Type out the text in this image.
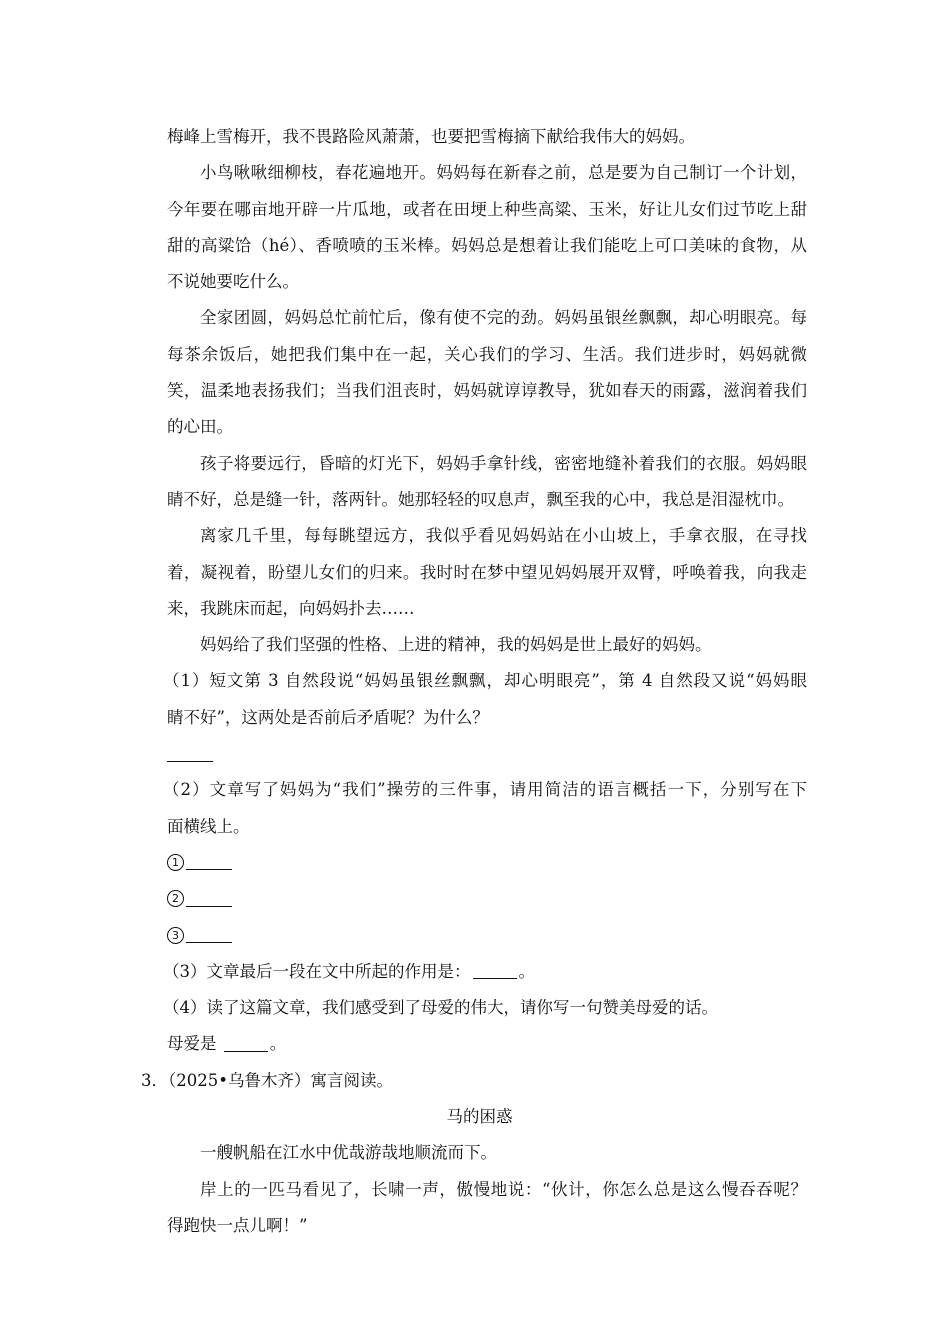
梅峰上雪梅开，我不畏路险风萧萧，也要把雪梅摘下献给我伟大的妈妈。
小鸟啾啾细柳枝，春花遍地开。妈妈每在新春之前，总是要为自己制订一个计划，
今年要在哪亩地开辟一片瓜地，或者在田埂上种些高粱、玉米，好让儿女们过节吃上甜
甜的高粱饸（hé）、香喷喷的玉米棒。妈妈总是想着让我们能吃上可口美味的食物，从
不说她要吃什么。
全家团圆，妈妈总忙前忙后，像有使不完的劲。妈妈虽银丝飘飘，却心明眼亮。每
每茶余饭后，她把我们集中在一起，关心我们的学习、生活。我们进步时，妈妈就微
笑，温柔地表扬我们；当我们沮丧时，妈妈就谆谆教导，犹如春天的雨露，滋润着我们
的心田。
孩子将要远行，昏暗的灯光下，妈妈手拿针线，密密地缝补着我们的衣服。妈妈眼
睛不好，总是缝一针，落两针。她那轻轻的叹息声，飘至我的心中，我总是泪湿枕巾。
离家几千里，每每眺望远方，我似乎看见妈妈站在小山坡上，手拿衣服，在寻找
着，凝视着，盼望儿女们的归来。我时时在梦中望见妈妈展开双臂，呼唤着我，向我走
来，我跳床而起，向妈妈扑去……
妈妈给了我们坚强的性格、上进的精神，我的妈妈是世上最好的妈妈。
（1）短文第 3 自然段说“妈妈虽银丝飘飘，却心明眼亮”，第 4 自然段又说“妈妈眼
睛不好”，这两处是否前后矛盾呢？为什么？
（2）文章写了妈妈为“我们”操劳的三件事，请用简洁的语言概括一下，分别写在下
面横线上。
1
2
3
（3）文章最后一段在文中所起的作用是：	。
（4）读了这篇文章，我们感受到了母爱的伟大，请你写一句赞美母爱的话。
母爱是	。
3．（2025•乌鲁木齐）寓言阅读。
马的困惑
一艘帆船在江水中优哉游哉地顺流而下。
岸上的一匹马看见了，长啸一声，傲慢地说：“伙计，你怎么总是这么慢吞吞呢？
得跑快一点儿啊！”
